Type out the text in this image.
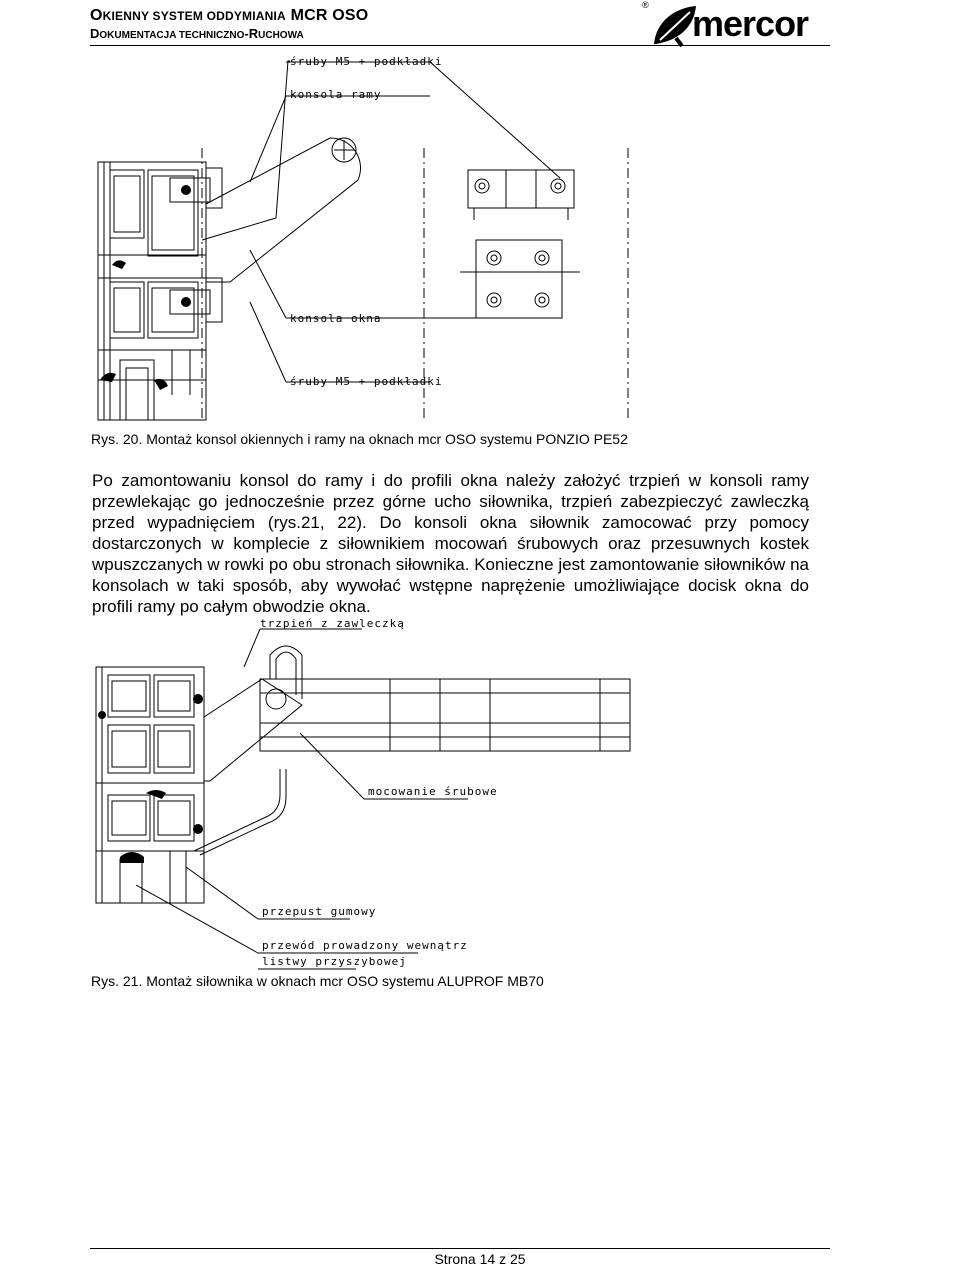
OKIENNY SYSTEM ODDYMIANIA MCR OSO
DOKUMENTACJA TECHNICZNO-RUCHOWA
® mercor
śruby M5 + podkładki
konsola ramy
konsola okna
śruby M5 + podkładki
Rys. 20. Montaż konsol okiennych i ramy na oknach mcr OSO systemu PONZIO PE52
Po zamontowaniu konsol do ramy i do profili okna należy założyć trzpień w konsoli ramy przewlekając go jednocześnie przez górne ucho siłownika, trzpień zabezpieczyć zawleczką przed wypadnięciem (rys.21, 22). Do konsoli okna siłownik zamocować przy pomocy dostarczonych w komplecie z siłownikiem mocowań śrubowych oraz przesuwnych kostek wpuszczanych w rowki po obu stronach siłownika. Konieczne jest zamontowanie siłowników na konsolach w taki sposób, aby wywołać wstępne naprężenie umożliwiające docisk okna do profili ramy po całym obwodzie okna.
trzpień z zawleczką
mocowanie śrubowe
przepust gumowy
przewód prowadzony wewnątrz
listwy przyszybowej
Rys. 21. Montaż siłownika w oknach mcr OSO systemu ALUPROF MB70
Strona 14 z 25
